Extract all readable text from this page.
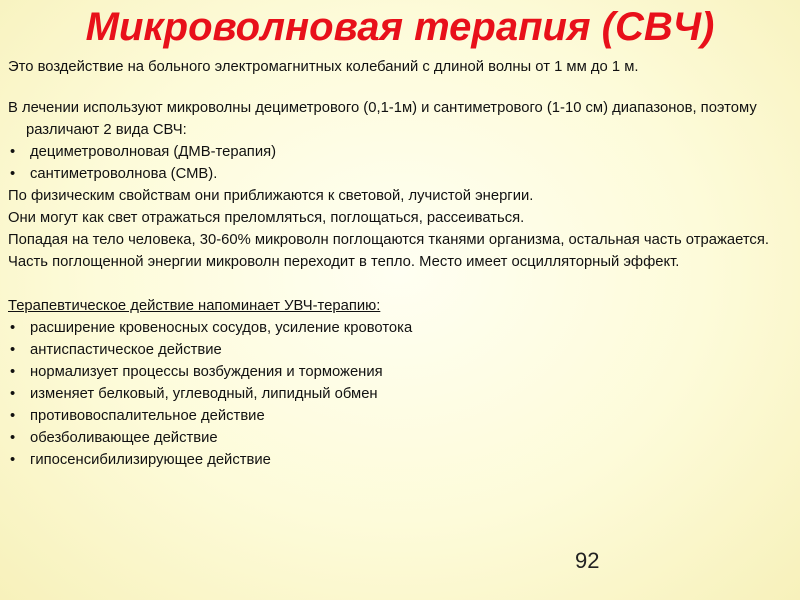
Микроволновая терапия (СВЧ)

Это воздействие на больного электромагнитных колебаний с длиной волны от 1 мм до 1 м.

В лечении используют микроволны дециметрового (0,1-1м) и сантиметрового (1-10 см) диапазонов, поэтому различают 2 вида СВЧ:

• дециметроволновая (ДМВ-терапия)

• сантиметроволнова (СМВ).

По физическим свойствам они приближаются к световой, лучистой энергии.

Они могут как свет отражаться преломляться, поглощаться, рассеиваться.

Попадая на тело человека, 30-60% микроволн поглощаются тканями организма, остальная часть отражается.

Часть поглощенной энергии микроволн переходит в тепло. Место имеет осцилляторный эффект.

Терапевтическое действие напоминает УВЧ-терапию:

• расширение кровеносных сосудов, усиление кровотока

• антиспастическое действие

• нормализует процессы возбуждения и торможения

• изменяет белковый, углеводный, липидный обмен

• противовоспалительное действие

• обезболивающее действие

• гипосенсибилизирующее действие

92
